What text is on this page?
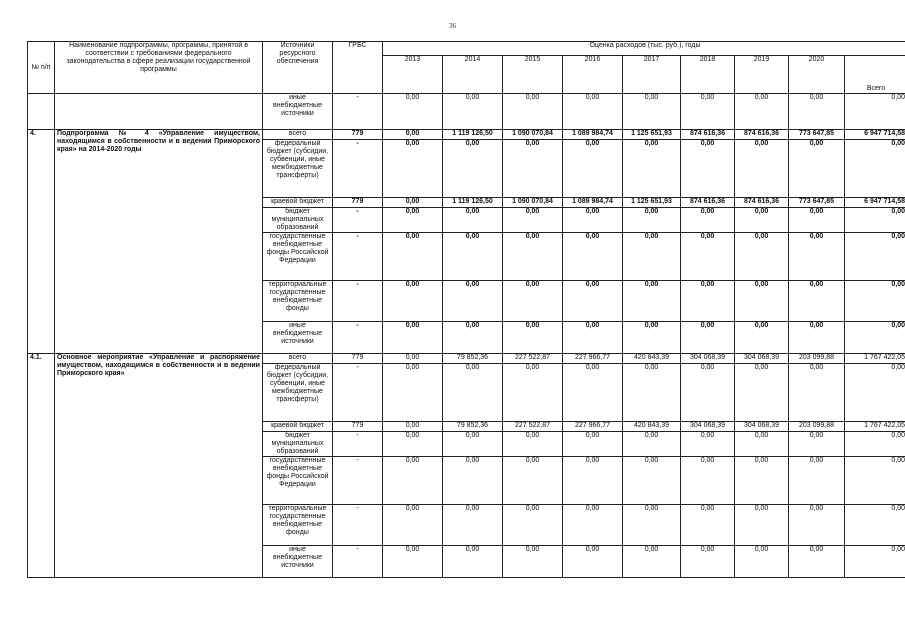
36
№ п/п	Наименование подпрограммы, программы, принятой в соответствии с требованиями федерального законодательства в сфере реализации государственной программы	Источники ресурсного обеспечения	ГРБС	Оценка расходов (тыс. руб.), годы								
				2013	2014	2015	2016	2017	2018	2019	2020	Всего
		иные внебюджетные источники	-	0,00	0,00	0,00	0,00	0,00	0,00	0,00	0,00	0,00
4.	Подпрограмма № 4 «Управление имуществом, находящимся в собственности и в ведении Приморского края» на 2014-2020 годы	всего	779	0,00	1 119 126,50	1 090 070,84	1 089 984,74	1 125 651,93	874 616,36	874 616,36	773 647,85	6 947 714,58
		федеральный бюджет (субсидии, субвенции, иные межбюджетные трансферты)	-	0,00	0,00	0,00	0,00	0,00	0,00	0,00	0,00	0,00
		краевой бюджет	779	0,00	1 119 126,50	1 090 070,84	1 089 984,74	1 125 651,93	874 616,36	874 616,36	773 647,85	6 947 714,58
		бюджет муниципальных образований	-	0,00	0,00	0,00	0,00	0,00	0,00	0,00	0,00	0,00
		государственные внебюджетные фонды Российской Федерации	-	0,00	0,00	0,00	0,00	0,00	0,00	0,00	0,00	0,00
		территориальные государственные внебюджетные фонды	-	0,00	0,00	0,00	0,00	0,00	0,00	0,00	0,00	0,00
		иные внебюджетные источники	-	0,00	0,00	0,00	0,00	0,00	0,00	0,00	0,00	0,00
4.1.	Основное мероприятие «Управление и распоряжение имуществом, находящимся в собственности и в ведении Приморского края»	всего	779	0,00	79 852,36	227 522,87	227 966,77	420 843,39	304 068,39	304 068,39	203 099,88	1 767 422,05
		федеральный бюджет (субсидии, субвенции, иные межбюджетные трансферты)	-	0,00	0,00	0,00	0,00	0,00	0,00	0,00	0,00	0,00
		краевой бюджет	779	0,00	79 852,36	227 522,87	227 966,77	420 843,39	304 068,39	304 068,39	203 099,88	1 767 422,05
		бюджет муниципальных образований	-	0,00	0,00	0,00	0,00	0,00	0,00	0,00	0,00	0,00
		государственные внебюджетные фонды Российской Федерации	-	0,00	0,00	0,00	0,00	0,00	0,00	0,00	0,00	0,00
		территориальные государственные внебюджетные фонды	-	0,00	0,00	0,00	0,00	0,00	0,00	0,00	0,00	0,00
		иные внебюджетные источники	-	0,00	0,00	0,00	0,00	0,00	0,00	0,00	0,00	0,00
